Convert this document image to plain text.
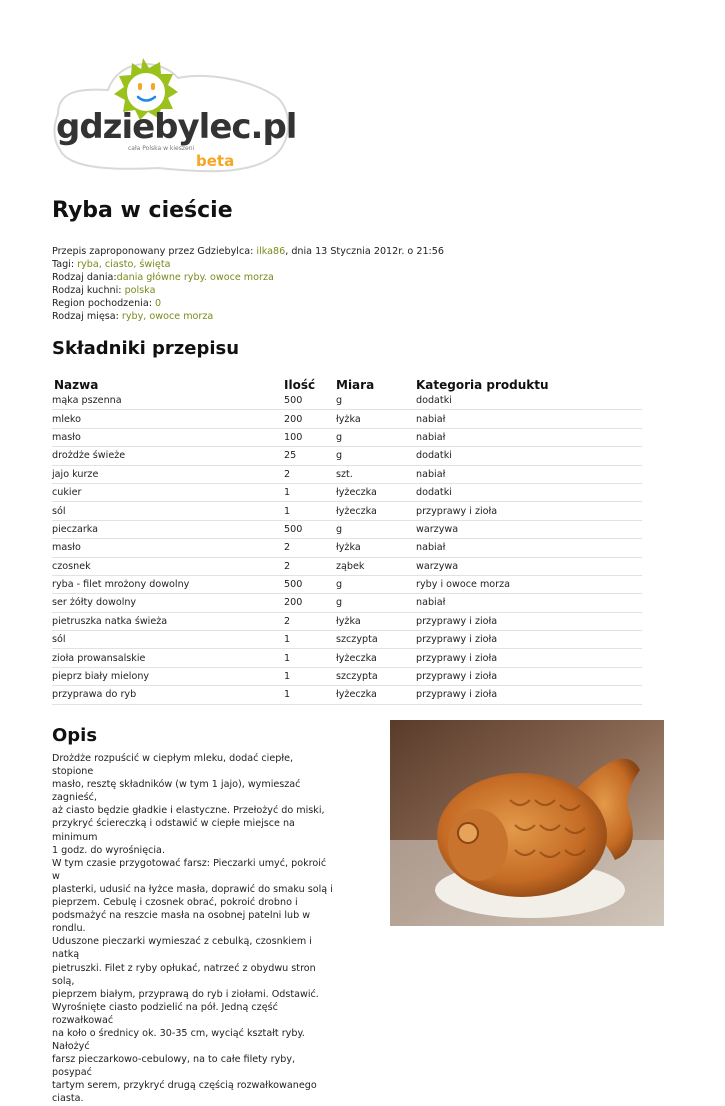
gdziebylec.pl
cała Polska w kieszeni
beta
Ryba w cieście
Przepis zaproponowany przez Gdziebylca: ilka86, dnia 13 Stycznia 2012r. o 21:56
Tagi: ryba, ciasto, święta
Rodzaj dania:dania główne ryby. owoce morza
Rodzaj kuchni: polska
Region pochodzenia: 0
Rodzaj mięsa: ryby, owoce morza
Składniki przepisu
Nazwa	Ilość	Miara	Kategoria produktu
mąka pszenna	500	g	dodatki
mleko	200	łyżka	nabiał
masło	100	g	nabiał
drożdże świeże	25	g	dodatki
jajo kurze	2	szt.	nabiał
cukier	1	łyżeczka	dodatki
sól	1	łyżeczka	przyprawy i zioła
pieczarka	500	g	warzywa
masło	2	łyżka	nabiał
czosnek	2	ząbek	warzywa
ryba - filet mrożony dowolny	500	g	ryby i owoce morza
ser żółty dowolny	200	g	nabiał
pietruszka natka świeża	2	łyżka	przyprawy i zioła
sól	1	szczypta	przyprawy i zioła
zioła prowansalskie	1	łyżeczka	przyprawy i zioła
pieprz biały mielony	1	szczypta	przyprawy i zioła
przyprawa do ryb	1	łyżeczka	przyprawy i zioła
Opis
Drożdże rozpuścić w ciepłym mleku, dodać ciepłe, stopione
masło, resztę składników (w tym 1 jajo), wymieszać zagnieść,
aż ciasto będzie gładkie i elastyczne. Przełożyć do miski,
przykryć ściereczką i odstawić w ciepłe miejsce na minimum
1 godz. do wyrośnięcia.
W tym czasie przygotować farsz: Pieczarki umyć, pokroić w
plasterki, udusić na łyżce masła, doprawić do smaku solą i
pieprzem. Cebulę i czosnek obrać, pokroić drobno i
podsmażyć na reszcie masła na osobnej patelni lub w rondlu.
Uduszone pieczarki wymieszać z cebulką, czosnkiem i natką
pietruszki. Filet z ryby opłukać, natrzeć z obydwu stron solą,
pieprzem białym, przyprawą do ryb i ziołami. Odstawić.
Wyrośnięte ciasto podzielić na pół. Jedną część rozwałkować
na koło o średnicy ok. 30-35 cm, wyciąć kształt ryby. Nałożyć
farsz pieczarkowo-cebulowy, na to całe filety ryby, posypać
tartym serem, przykryć drugą częścią rozwałkowanego ciasta.
